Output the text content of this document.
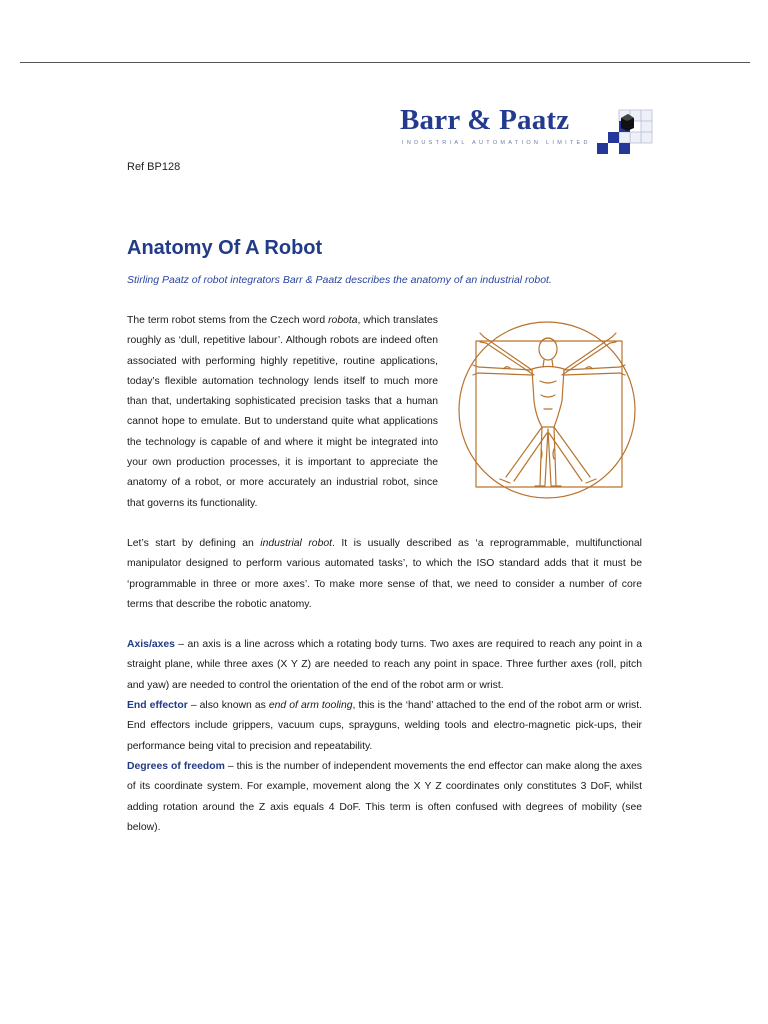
Barr & Paatz
INDUSTRIAL AUTOMATION LIMITED
Ref BP128
Anatomy Of A Robot

Stirling Paatz of robot integrators Barr & Paatz describes the anatomy of an industrial robot.

The term robot stems from the Czech word robota, which translates roughly as ‘dull, repetitive labour’. Although robots are indeed often associated with performing highly repetitive, routine applications, today’s flexible automation technology lends itself to much more than that, undertaking sophisticated precision tasks that a human cannot hope to emulate. But to understand quite what applications the technology is capable of and where it might be integrated into your own production processes, it is important to appreciate the anatomy of a robot, or more accurately an industrial robot, since that governs its functionality.

Let’s start by defining an industrial robot. It is usually described as ‘a reprogrammable, multifunctional manipulator designed to perform various automated tasks’, to which the ISO standard adds that it must be ‘programmable in three or more axes’. To make more sense of that, we need to consider a number of core terms that describe the robotic anatomy.

Axis/axes – an axis is a line across which a rotating body turns. Two axes are required to reach any point in a straight plane, while three axes (X Y Z) are needed to reach any point in space. Three further axes (roll, pitch and yaw) are needed to control the orientation of the end of the robot arm or wrist.

End effector – also known as end of arm tooling, this is the ‘hand’ attached to the end of the robot arm or wrist. End effectors include grippers, vacuum cups, sprayguns, welding tools and electro-magnetic pick-ups, their performance being vital to precision and repeatability.

Degrees of freedom – this is the number of independent movements the end effector can make along the axes of its coordinate system. For example, movement along the X Y Z coordinates only constitutes 3 DoF, whilst adding rotation around the Z axis equals 4 DoF. This term is often confused with degrees of mobility (see below).
